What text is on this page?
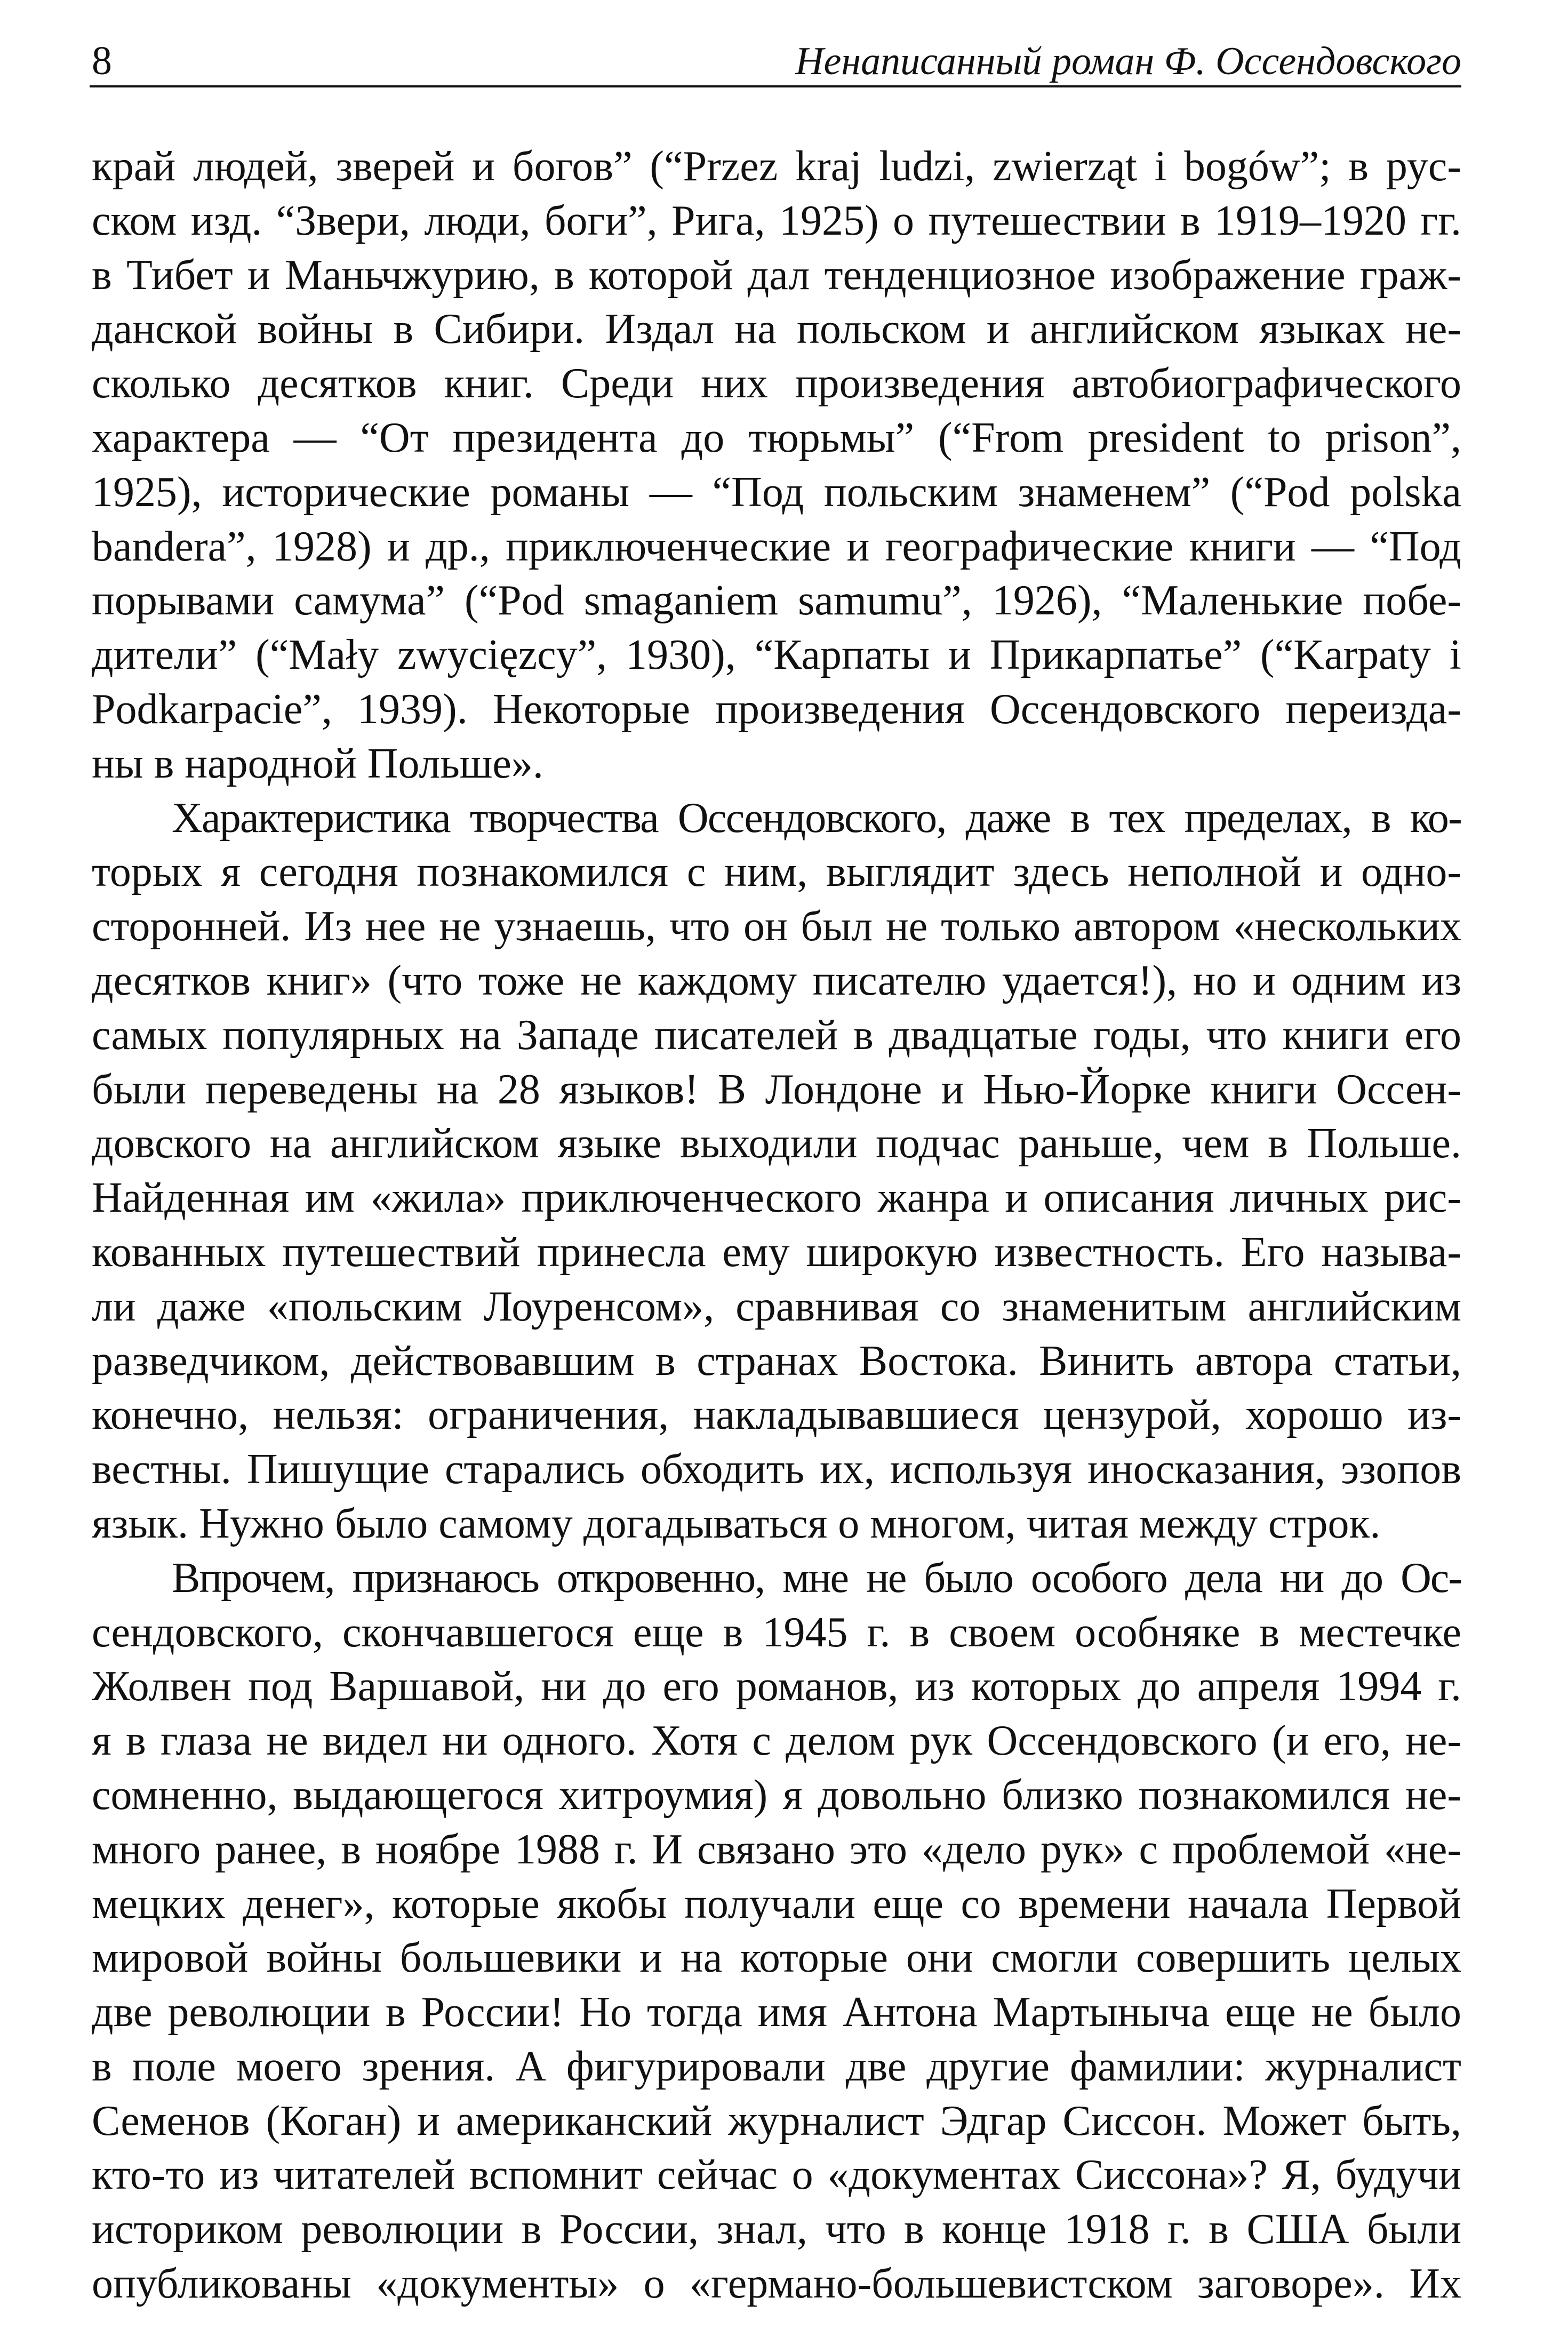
8	Ненаписанный роман Ф. Оссендовского

край людей, зверей и богов” (“Przez kraj ludzi, zwierząt i bogów”; в рус-
ском изд. “Звери, люди, боги”, Рига, 1925) о путешествии в 1919–1920 гг.
в Тибет и Маньчжурию, в которой дал тенденциозное изображение граж-
данской войны в Сибири. Издал на польском и английском языках не-
сколько десятков книг. Среди них произведения автобиографического
характера — “От президента до тюрьмы” (“From president to prison”,
1925), исторические романы — “Под польским знаменем” (“Pod polska
bandera”, 1928) и др., приключенческие и географические книги — “Под
порывами самума” (“Pod smaganiem samumu”, 1926), “Маленькие побе-
дители” (“Mały zwycięzcy”, 1930), “Карпаты и Прикарпатье” (“Karpaty i
Podkarpacie”, 1939). Некоторые произведения Оссендовского переизда-
ны в народной Польше».

Характеристика творчества Оссендовского, даже в тех пределах, в ко-
торых я сегодня познакомился с ним, выглядит здесь неполной и одно-
сторонней. Из нее не узнаешь, что он был не только автором «нескольких
десятков книг» (что тоже не каждому писателю удается!), но и одним из
самых популярных на Западе писателей в двадцатые годы, что книги его
были переведены на 28 языков! В Лондоне и Нью-Йорке книги Оссен-
довского на английском языке выходили подчас раньше, чем в Польше.
Найденная им «жила» приключенческого жанра и описания личных рис-
кованных путешествий принесла ему широкую известность. Его называ-
ли даже «польским Лоуренсом», сравнивая со знаменитым английским
разведчиком, действовавшим в странах Востока. Винить автора статьи,
конечно, нельзя: ограничения, накладывавшиеся цензурой, хорошо из-
вестны. Пишущие старались обходить их, используя иносказания, эзопов
язык. Нужно было самому догадываться о многом, читая между строк.

Впрочем, признаюсь откровенно, мне не было особого дела ни до Ос-
сендовского, скончавшегося еще в 1945 г. в своем особняке в местечке
Жолвен под Варшавой, ни до его романов, из которых до апреля 1994 г.
я в глаза не видел ни одного. Хотя с делом рук Оссендовского (и его, не-
сомненно, выдающегося хитроумия) я довольно близко познакомился не-
много ранее, в ноябре 1988 г. И связано это «дело рук» с проблемой «не-
мецких денег», которые якобы получали еще со времени начала Первой
мировой войны большевики и на которые они смогли совершить целых
две революции в России! Но тогда имя Антона Мартыныча еще не было
в поле моего зрения. А фигурировали две другие фамилии: журналист
Семенов (Коган) и американский журналист Эдгар Сиссон. Может быть,
кто-то из читателей вспомнит сейчас о «документах Сиссона»? Я, будучи
историком революции в России, знал, что в конце 1918 г. в США были
опубликованы «документы» о «германо-большевистском заговоре». Их
